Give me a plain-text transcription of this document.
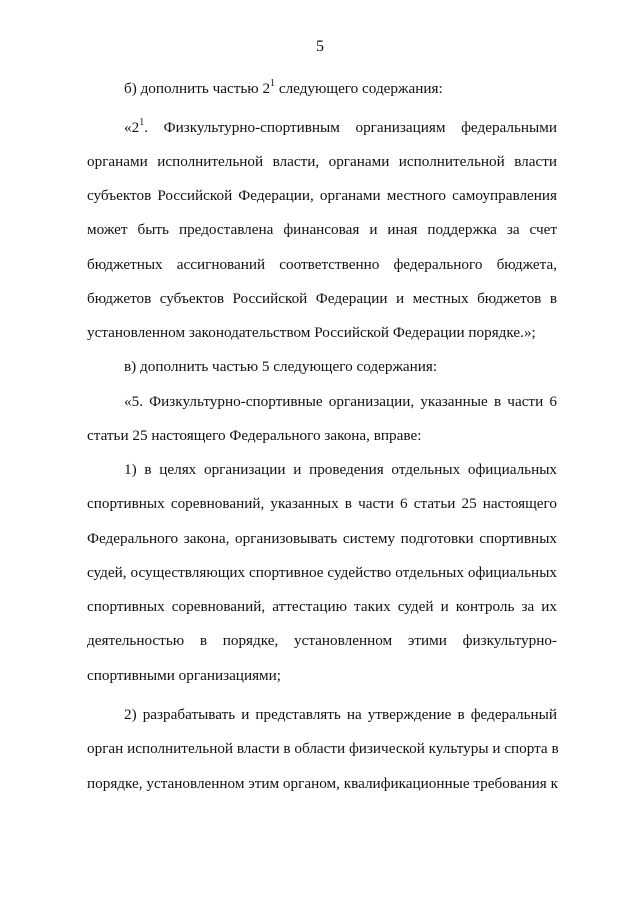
5
б) дополнить частью $2^1$ следующего содержания:
«$2^1$. Физкультурно-спортивным организациям федеральными
органами исполнительной власти, органами исполнительной власти
субъектов Российской Федерации, органами местного самоуправления
может быть предоставлена финансовая и иная поддержка за счет
бюджетных ассигнований соответственно федерального бюджета,
бюджетов субъектов Российской Федерации и местных бюджетов в
установленном законодательством Российской Федерации порядке.»;
в) дополнить частью 5 следующего содержания:
«5. Физкультурно-спортивные организации, указанные в части 6
статьи 25 настоящего Федерального закона, вправе:
1) в целях организации и проведения отдельных официальных
спортивных соревнований, указанных в части 6 статьи 25 настоящего
Федерального закона, организовывать систему подготовки спортивных
судей, осуществляющих спортивное судейство отдельных официальных
спортивных соревнований, аттестацию таких судей и контроль за их
деятельностью в порядке, установленном этими физкультурно-
спортивными организациями;
2) разрабатывать и представлять на утверждение в федеральный
орган исполнительной власти в области физической культуры и спорта в
порядке, установленном этим органом, квалификационные требования к
